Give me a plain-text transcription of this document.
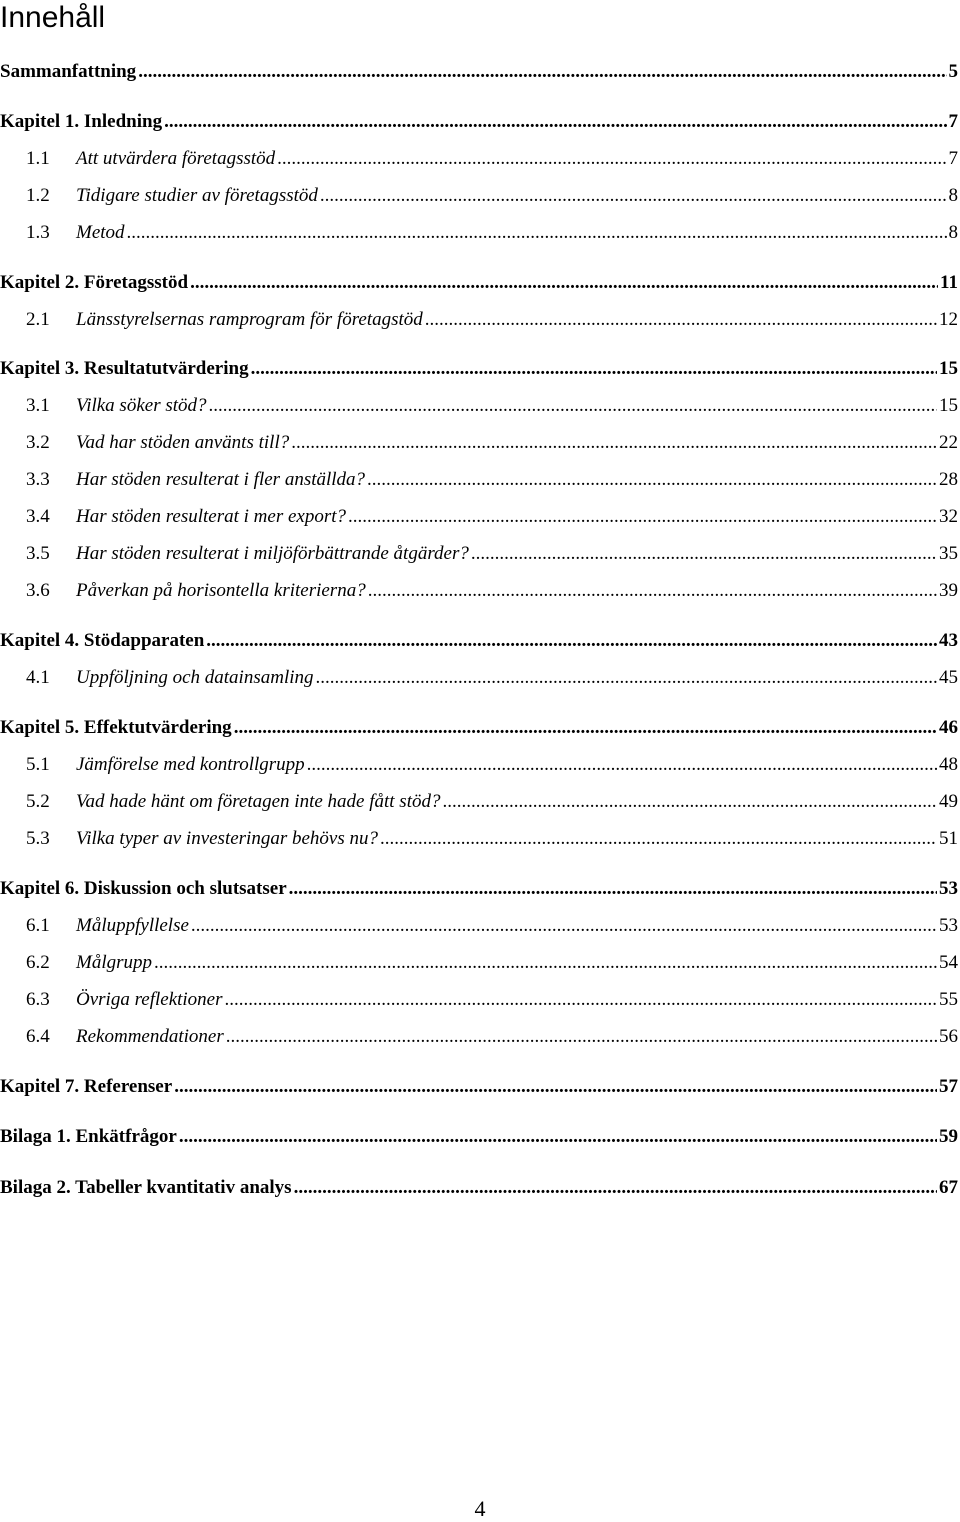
Innehåll
Sammanfattning .....	5
Kapitel 1. Inledning .....	7
1.1	Att utvärdera företagsstöd .....	7
1.2	Tidigare studier av företagsstöd .....	8
1.3	Metod .....	8
Kapitel 2. Företagsstöd .....	11
2.1	Länsstyrelsernas ramprogram för företagstöd .....	12
Kapitel 3. Resultatutvärdering .....	15
3.1	Vilka söker stöd? .....	15
3.2	Vad har stöden använts till? .....	22
3.3	Har stöden resulterat i fler anställda? .....	28
3.4	Har stöden resulterat i mer export? .....	32
3.5	Har stöden resulterat i miljöförbättrande åtgärder? .....	35
3.6	Påverkan på horisontella kriterierna? .....	39
Kapitel 4. Stödapparaten .....	43
4.1	Uppföljning och datainsamling .....	45
Kapitel 5. Effektutvärdering .....	46
5.1	Jämförelse med kontrollgrupp .....	48
5.2	Vad hade hänt om företagen inte hade fått stöd? .....	49
5.3	Vilka typer av investeringar behövs nu? .....	51
Kapitel 6. Diskussion och slutsatser .....	53
6.1	Måluppfyllelse .....	53
6.2	Målgrupp .....	54
6.3	Övriga reflektioner .....	55
6.4	Rekommendationer .....	56
Kapitel 7. Referenser .....	57
Bilaga 1. Enkätfrågor .....	59
Bilaga 2. Tabeller kvantitativ analys .....	67
4
